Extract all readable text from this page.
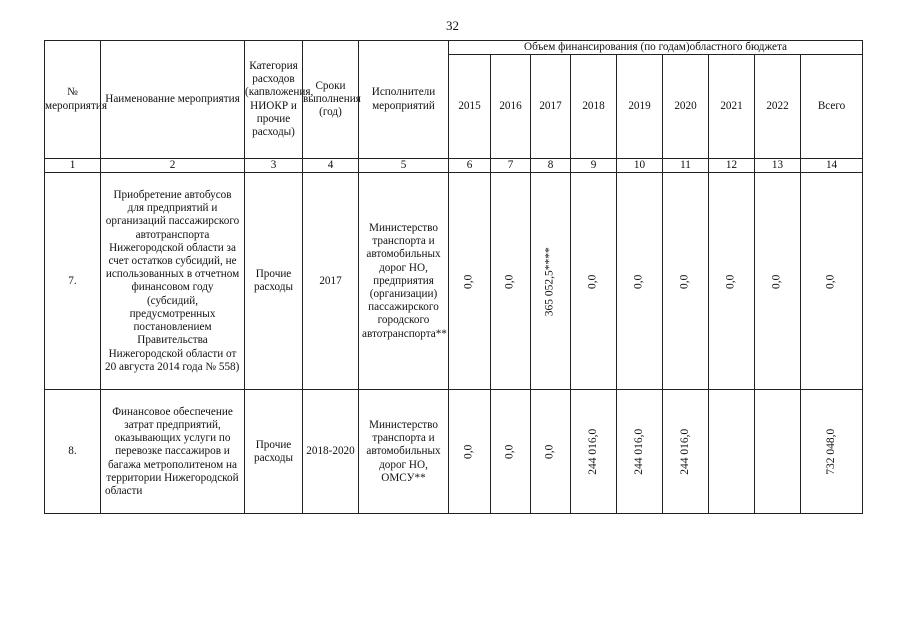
32
№ мероприятия	Наименование мероприятия	Категория расходов (капвложения, НИОКР и прочие расходы)	Сроки выполнения (год)	Исполнители мероприятий	Объем финансирования (по годам)областного бюджета								
					2015	2016	2017	2018	2019	2020	2021	2022	Всего
1	2	3	4	5	6	7	8	9	10	11	12	13	14
7.	Приобретение автобусов для предприятий и организаций пассажирского автотранспорта Нижегородской области за счет остатков субсидий, не использованных в отчетном финансовом году (субсидий, предусмотренных постановлением Правительства Нижегородской области от 20 августа 2014 года № 558)	Прочие расходы	2017	Министерство транспорта и автомобильных дорог НО, предприятия (организации) пассажирского городского автотранспорта**	0,0	0,0	365 052,5****	0,0	0,0	0,0	0,0	0,0	0,0

8.	Финансовое обеспечение затрат предприятий, оказывающих услуги по перевозке пассажиров и багажа метрополитеном на территории Нижегородской области	Прочие расходы	2018-2020	Министерство транспорта и автомобильных дорог НО, ОМСУ**	0,0	0,0	0,0	244 016,0	244 016,0	244 016,0			732 048,0
